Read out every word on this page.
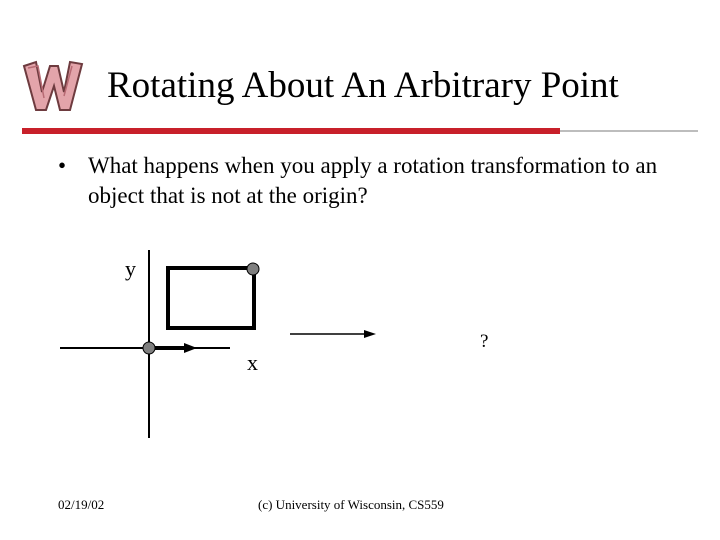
Rotating About An Arbitrary Point
• What happens when you apply a rotation transformation to an object that is not at the origin?
y
x
?
02/19/02	(c) University of Wisconsin, CS559
